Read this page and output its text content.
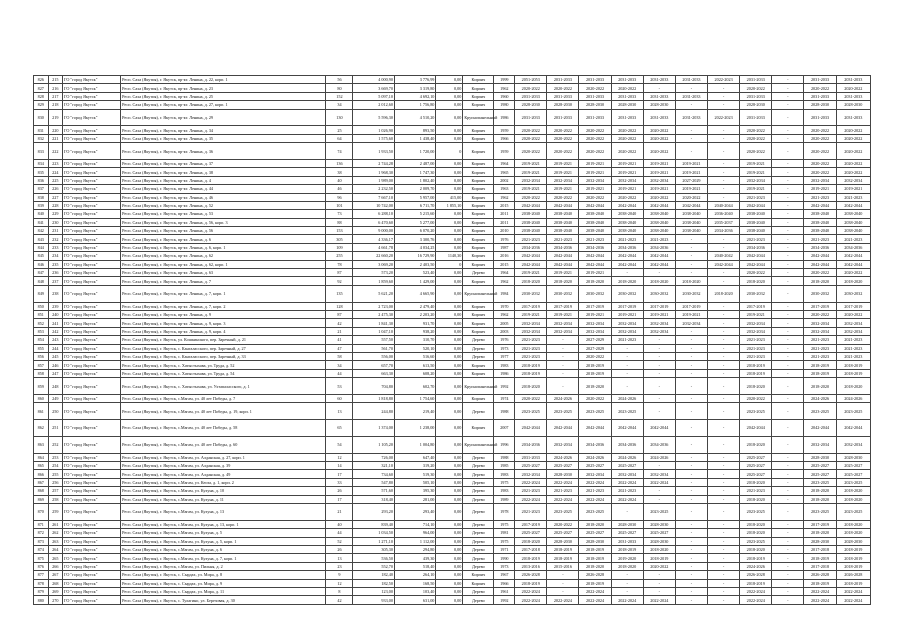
826	215	ГО "город Якутск"	Респ. Саха (Якутия), г. Якутск, пр-кт. Ленина, д. 22, корп. 1	56	4 000,90	3 776,99	0,00	Кирпич	1999	2051-2053	2031-2033	2031-2033	2031-2033	2031-2033	2031-2033	2022-2023	2031-2033	-	2031-2033	2031-2033
827	216	ГО "город Якутск"	Респ. Саха (Якутия), г. Якутск, пр-кт. Ленина, д. 23	80	3 669,70	3 319,80	0,00	Кирпич	1962	2020-2022	2020-2022	2020-2022	2020-2022	-	-	-	2020-2022	-	2020-2022	2020-2022
828	217	ГО "город Якутск"	Респ. Саха (Якутия), г. Якутск, пр-кт. Ленина, д. 25	152	5 097,10	4 692,10	0,00	Кирпич	1960	2031-2033	2031-2033	2031-2033	2031-2033	2031-2033	2031-2033	-	2031-2033	-	2031-2033	2031-2033
829	218	ГО "город Якутск"	Респ. Саха (Якутия), г. Якутск, пр-кт. Ленина, д. 27, корп. 1	34	2 012,60	1 756,80	0,00	Кирпич	1980	2028-2030	2028-2030	2028-2030	2028-2030	2028-2030	-	-	2028-2030	-	2028-2030	2028-2030
830	219	ГО "город Якутск"	Респ. Саха (Якутия), г. Якутск, пр-кт. Ленина, д. 29	130	5 596,30	4 510,20	0,00	Крупнопанельный	1986	2031-2033	2031-2033	2031-2033	2031-2033	2031-2033	2031-2033	2022-2023	2031-2033	-	2031-2033	2031-2033
831	220	ГО "город Якутск"	Респ. Саха (Якутия), г. Якутск, пр-кт. Ленина, д. 34	25	1 026,90	893,50	0,00	Кирпич	1959	2020-2022	2020-2022	2020-2022	2020-2022	2020-2022	-	-	2020-2022	-	2020-2022	2020-2022
832	221	ГО "город Якутск"	Респ. Саха (Якутия), г. Якутск, пр-кт. Ленина, д. 35	64	1 575,60	1 438,40	0,00	Кирпич	1966	2020-2022	2020-2022	2020-2022	2020-2022	2020-2022	-	-	2020-2022	-	2020-2022	2020-2022
833	222	ГО "город Якутск"	Респ. Саха (Якутия), г. Якутск, пр-кт. Ленина, д. 36	74	1 933,50	1 720,00	0	Кирпич	1959	2020-2022	2020-2022	2020-2022	2020-2022	2020-2022	-	-	2020-2022	-	2020-2022	2020-2022
834	223	ГО "город Якутск"	Респ. Саха (Якутия), г. Якутск, пр-кт. Ленина, д. 37	136	2 744,28	2 487,00	0,00	Кирпич	1964	2019-2021	2019-2021	2019-2021	2019-2021	2019-2021	2019-2021	-	2019-2021	-	2020-2022	2020-2022
835	224	ГО "город Якутск"	Респ. Саха (Якутия), г. Якутск, пр-кт. Ленина, д. 38	38	1 968,30	1 747,30	0,00	Кирпич	1965	2019-2021	2019-2021	2019-2021	2019-2021	2019-2021	2019-2021	-	2019-2021	-	2020-2022	2020-2022
836	225	ГО "город Якутск"	Респ. Саха (Якутия), г. Якутск, пр-кт. Ленина, д. 4	40	1 989,00	1 802,40	0,00	Кирпич	2002	2032-2034	2032-2034	2032-2034	2032-2034	2032-2034	2027-2029	-	2032-2034	-	2032-2034	2032-2034
837	226	ГО "город Якутск"	Респ. Саха (Якутия), г. Якутск, пр-кт. Ленина, д. 44	46	2 232,50	2 009,70	0,00	Кирпич	1963	2019-2021	2019-2021	2019-2021	2019-2021	2019-2021	2019-2021	-	2019-2021	-	2019-2021	2019-2021
838	227	ГО "город Якутск"	Респ. Саха (Якутия), г. Якутск, пр-кт. Ленина, д. 46	96	7 667,10	5 957,00	415,00	Кирпич	1962	2020-2022	2020-2022	2020-2022	2020-2022	2020-2022	2020-2022	-	2021-2023	-	2021-2023	2021-2023
839	228	ГО "город Якутск"	Респ. Саха (Якутия), г. Якутск, пр-кт. Ленина, д. 52	101	10 742,00	6 711,70	1 855,10	Кирпич	2015	2042-2044	2042-2044	2042-2044	2042-2044	2042-2044	2042-2044	2040-2044	2042-2044	-	2042-2044	2042-2044
840	229	ГО "город Якутск"	Респ. Саха (Якутия), г. Якутск, пр-кт. Ленина, д. 53	73	6 288,10	5 215,60	0,00	Кирпич	2011	2038-2040	2038-2040	2038-2040	2038-2040	2038-2040	2038-2040	2036-2040	2038-2040	-	2038-2040	2038-2040
841	230	ГО "город Якутск"	Респ. Саха (Якутия), г. Якутск, пр-кт. Ленина, д. 56, корп. 3	88	6 470,60	5 277,00	0,00	Кирпич	2011	2038-2040	2038-2040	2038-2040	2038-2040	2038-2040	2038-2040	2035-2037	2038-2040	-	2038-2040	2038-2040
842	231	ГО "город Якутск"	Респ. Саха (Якутия), г. Якутск, пр-кт. Ленина, д. 56	153	9 000,00	6 070,20	0,00	Кирпич	2010	2038-2040	2038-2040	2038-2040	2038-2040	2038-2040	2038-2040	2034-2036	2038-2040	-	2038-2040	2038-2040
843	232	ГО "город Якутск"	Респ. Саха (Якутия), г. Якутск, пр-кт. Ленина, д. 6	305	4 336,17	3 300,76	0,00	Кирпич	1976	2021-2023	2021-2023	2021-2023	2021-2023	2021-2023	-	-	2021-2023	-	2021-2023	2021-2023
844	233	ГО "город Якутск"	Респ. Саха (Якутия), г. Якутск, пр-кт. Ленина, д. 6, корп. 1	109	4 661,78	4 034,25	0,00	Кирпич	1987	2034-2036	2034-2036	2034-2036	2034-2036	2034-2036	-	-	2034-2036	-	2034-2036	2034-2036
845	234	ГО "город Якутск"	Респ. Саха (Якутия), г. Якутск, пр-кт. Ленина, д. 62	255	22 660,20	16 729,90	1140,30	Кирпич	2016	2042-2044	2042-2044	2042-2044	2042-2044	2042-2044	-	2040-2042	2042-2044	-	2042-2044	2042-2044
846	235	ГО "город Якутск"	Респ. Саха (Якутия), г. Якутск, пр-кт. Ленина, д. 62, корп. 1	78	3 069,20	2 403,50	0	Кирпич	2015	2042-2044	2042-2044	2042-2044	2042-2044	2042-2044	-	2042-2044	2042-2044	-	2042-2044	2042-2044
847	236	ГО "город Якутск"	Респ. Саха (Якутия), г. Якутск, пр-кт. Ленина, д. 63	87	573,20	523,40	0,00	Дерево	1964	2019-2021	2019-2021	2019-2021	-	-	-	-	2020-2022	-	2020-2022	2020-2022
848	237	ГО "город Якутск"	Респ. Саха (Якутия), г. Якутск, пр-кт. Ленина, д. 7	92	1 859,60	1 429,00	0,00	Кирпич	1962	2018-2020	2018-2020	2018-2020	2018-2020	2018-2020	2018-2020	-	2018-2020	-	2018-2020	2018-2020
849	238	ГО "город Якутск"	Респ. Саха (Якутия), г. Якутск, пр-кт. Ленина, д. 7, корп. 1	135	5 621,20	4 665,90	0,00	Крупнопанельный	1984	2030-2032	2030-2032	2030-2032	2030-2032	2030-2032	2030-2032	2018-2020	2030-2032	-	2030-2032	2030-2032
850	239	ГО "город Якутск"	Респ. Саха (Якутия), г. Якутск, пр-кт. Ленина, д. 7, корп. 2	128	2 723,00	2 479,40	0,00	Кирпич	1970	2017-2019	2017-2019	2017-2019	2017-2019	2017-2019	2017-2019	-	2017-2019	-	2017-2019	2017-2019
851	240	ГО "город Якутск"	Респ. Саха (Якутия), г. Якутск, пр-кт. Ленина, д. 9	87	2 475,30	2 203,20	0,00	Кирпич	1962	2019-2021	2019-2021	2019-2021	2019-2021	2019-2021	2019-2021	-	2019-2021	-	2020-2022	2020-2022
852	241	ГО "город Якутск"	Респ. Саха (Якутия), г. Якутск, пр-кт. Ленина, д. 9, корп. 3	42	1 841,30	931,70	0,00	Кирпич	2005	2032-2034	2032-2034	2032-2034	2032-2034	2032-2034	2032-2034	-	2032-2034	-	2032-2034	2032-2034
853	242	ГО "город Якутск"	Респ. Саха (Якутия), г. Якутск, пр-кт. Ленина, д. 9, корп. 4	21	1 047,10	938,20	0,00	Кирпич	2003	2032-2034	2032-2034	2032-2034	2032-2034	2032-2034	-	-	2032-2034	-	2032-2034	2032-2034
854	243	ГО "город Якутск"	Респ. Саха (Якутия), г. Якутск, ул. Кошкинского, пер. Заречный, д. 21	41	557,50	310,70	0,00	Дерево	1976	2021-2023	-	2027-2029	2021-2023	-	-	-	2021-2023	-	2021-2023	2021-2023
855	244	ГО "город Якутск"	Респ. Саха (Якутия), г. Якутск, с. Кангаласского, пер. Заречный, д. 27	47	561,70	520,10	0,00	Дерево	1973	2021-2023	-	2027-2029	-	-	-	-	2021-2023	-	2021-2023	2021-2023
856	245	ГО "город Якутск"	Респ. Саха (Якутия), г. Якутск, с. Кангаласского, пер. Заречный, д. 33	58	556,00	516,60	0,00	Дерево	1977	2021-2023	-	2020-2022	-	-	-	-	2021-2023	-	2021-2023	2021-2023
857	246	ГО "город Якутск"	Респ. Саха (Якутия), г. Якутск, с. Хатыстыхава, ул. Труда, д. 52	34	657,70	613,50	0,00	Кирпич	1983	2018-2019	-	2018-2019	-	-	-	-	2018-2019	-	2018-2019	2018-2019
858	247	ГО "город Якутск"	Респ. Саха (Якутия), г. Якутск, с. Хатыстыхава, ул. Труда, д. 54	44	663,30	608,20	0,00	Кирпич	1986	2018-2019	-	2018-2019	-	-	-	-	2018-2019	-	2018-2019	2018-2019
859	248	ГО "город Якутск"	Респ. Саха (Якутия), г. Якутск, с. Хатыстыхава, ул. Ухтапаласского, д. 1	53	704,80	602,70	0,00	Крупнопанельный	1992	2018-2020	-	2018-2020	-	-	-	-	2018-2020	-	2018-2020	2018-2020
860	249	ГО "город Якутск"	Респ. Саха (Якутия), г. Якутск, с.Магам, ул. 40 лет Победы, д. 7	60	1 818,80	1 754,60	0,00	Кирпич	1974	2020-2022	2024-2026	2020-2022	2024-2026	-	-	-	2020-2022	-	2024-2026	2024-2026
861	250	ГО "город Якутск"	Респ. Саха (Якутия), г. Якутск, с.Магам, ул. 40 лет Победы, д. 19, корп. 1	13	244,80	219,40	0,00	Дерево	1988	2023-2025	2023-2025	2023-2025	2023-2025	-	-	-	2023-2025	-	2023-2025	2023-2025
862	251	ГО "город Якутск"	Респ. Саха (Якутия), г. Якутск, с.Магам, ул. 40 лет Победы, д. 58	65	1 374,00	1 238,00	0,00	Кирпич	2007	2042-2044	2042-2044	2042-2044	2042-2044	2042-2044	-	-	2042-2044	-	2042-2044	2042-2044
863	252	ГО "город Якутск"	Респ. Саха (Якутия), г. Якутск, с.Магам, ул. 40 лет Победы, д. 60	54	1 105,20	1 004,80	0,00	Крупнопанельный	1996	2034-2036	2032-2034	2034-2036	2034-2036	2034-2036	-	-	2018-2020	-	2032-2034	2032-2034
864	253	ГО "город Якутск"	Респ. Саха (Якутия), г. Якутск, с.Магам, ул. Алданская, д. 27, корп. 1	12	726,00	647,40	0,00	Дерево	1988	2031-2033	2024-2026	2024-2026	2024-2026	2024-2026	-	-	2025-2027	-	2028-2030	2028-2030
865	254	ГО "город Якутск"	Респ. Саха (Якутия), г. Якутск, с.Магам, ул. Алданская, д. 39	14	321,10	319,20	0,00	Дерево	1985	2025-2027	2025-2027	2025-2027	2025-2027	-	-	-	2025-2027	-	2025-2027	2025-2027
866	255	ГО "город Якутск"	Респ. Саха (Якутия), г. Якутск, с.Магам, ул. Алданская, д. 49	17	734,60	519,30	0,00	Дерево	1983	2032-2034	2028-2030	2032-2034	2032-2034	2032-2034	-	-	2025-2027	-	2025-2027	2025-2027
867	256	ГО "город Якутск"	Респ. Саха (Якутия), г. Якутск, с.Магам, ул. Кеоза, д. 1, корп. 2	33	547,80	505,10	0,00	Дерево	1975	2022-2024	2022-2024	2022-2024	2022-2024	2022-2024	-	-	2018-2020	-	2023-2025	2023-2025
868	257	ГО "город Якутск"	Респ. Саха (Якутия), г. Якутск, с.Магам, ул. Кухуна, д. 10	26	571,60	395,30	0,00	Дерево	1983	2021-2023	2021-2023	2021-2023	2021-2023	-	-	-	2021-2023	-	2018-2020	2018-2020
869	258	ГО "город Якутск"	Респ. Саха (Якутия), г. Якутск, с.Магам, ул. Кухуна, д. 11	17	318,40	281,00	0,00	Дерево	1989	2022-2024	2022-2024	2022-2024	2022-2024	-	-	-	2018-2020	-	2018-2020	2018-2020
870	259	ГО "город Якутск"	Респ. Саха (Якутия), г. Якутск, с.Магам, ул. Кухуна, д. 13	21	293,20	293,40	0,00	Дерево	1978	2021-2023	2023-2025	2023-2025	-	2023-2025	-	-	2023-2025	-	2023-2025	2023-2025
871	261	ГО "город Якутск"	Респ. Саха (Якутия), г. Якутск, с.Магам, ул. Кухуна, д. 13, корп. 1	40	839,40	714,10	0,00	Дерево	1975	2017-2019	2020-2022	2018-2020	2028-2030	2028-2030	-	-	2018-2020	-	2017-2019	2018-2020
872	262	ГО "город Якутск"	Респ. Саха (Якутия), г. Якутск, с.Магам, ул. Кухуна, д. 5	44	1 034,50	964,00	0,00	Дерево	1981	2025-2027	2025-2027	2025-2027	2025-2027	2025-2027	-	-	2018-2020	-	2018-2020	2018-2020
873	263	ГО "город Якутск"	Респ. Саха (Якутия), г. Якутск, с.Магам, ул. Кухуна, д. 5, корп. 1	52	1 271,10	1 112,00	0,00	Дерево	1975	2018-2020	2028-2030	2028-2030	2031-2033	2028-2030	-	-	2023-2025	-	2028-2030	2028-2030
874	264	ГО "город Якутск"	Респ. Саха (Якутия), г. Якутск, с.Магам, ул. Кухуна, д. 6	26	305,30	294,80	0,00	Дерево	1971	2017-2018	2018-2019	2018-2019	2018-2019	2018-2020	-	-	2018-2020	-	2017-2018	2018-2019
875	265	ГО "город Якутск"	Респ. Саха (Якутия), г. Якутск, с.Магам, ул. Кухуна, д. 7, корп. 1	13	536,50	439,30	0,00	Дерево	1990	2018-2019	2018-2019	2018-2019	2019-2020	2018-2019	-	-	2018-2019	-	2018-2019	2018-2019
876	266	ГО "город Якутск"	Респ. Саха (Якутия), г. Якутск, с.Магам, ул. Пильня, д. 2	23	552,70	518,40	0,00	Дерево	1973	2013-2016	2015-2016	2018-2020	2018-2020	2020-2022	-	-	2024-2026	-	2017-2018	2018-2019
877	267	ГО "город Якутск"	Респ. Саха (Якутия), г. Якутск, с. Сырдах, ул. Мира, д. 8	9	182,40	264,10	0,00	Кирпич	1967	2026-2028	-	2026-2028	-	-	-	-	2026-2028	-	2026-2028	2026-2028
878	268	ГО "город Якутск"	Респ. Саха (Якутия), г. Якутск, с. Сырдах, ул. Мира, д. 9	12	182,50	168,50	0,00	Кирпич	1966	2018-2019	-	2018-2019	-	-	-	-	2018-2019	-	2018-2019	2018-2019
879	269	ГО "город Якутск"	Респ. Саха (Якутия), г. Якутск, с. Сырдах, ул. Мира, д. 11	8	123,00	103,40	0,00	Дерево	1961	2022-2024	-	2022-2024	-	-	-	-	2022-2024	-	2022-2024	2022-2024
880	270	ГО "город Якутск"	Респ. Саха (Якутия), г. Якутск, с. Тулагино, ул. Березовая, д. 30	42	933,00	631,00	0,00	Дерево	1992	2022-2024	2022-2024	2022-2024	2022-2024	2022-2024	-	-	2022-2024	-	2022-2024	2022-2024
